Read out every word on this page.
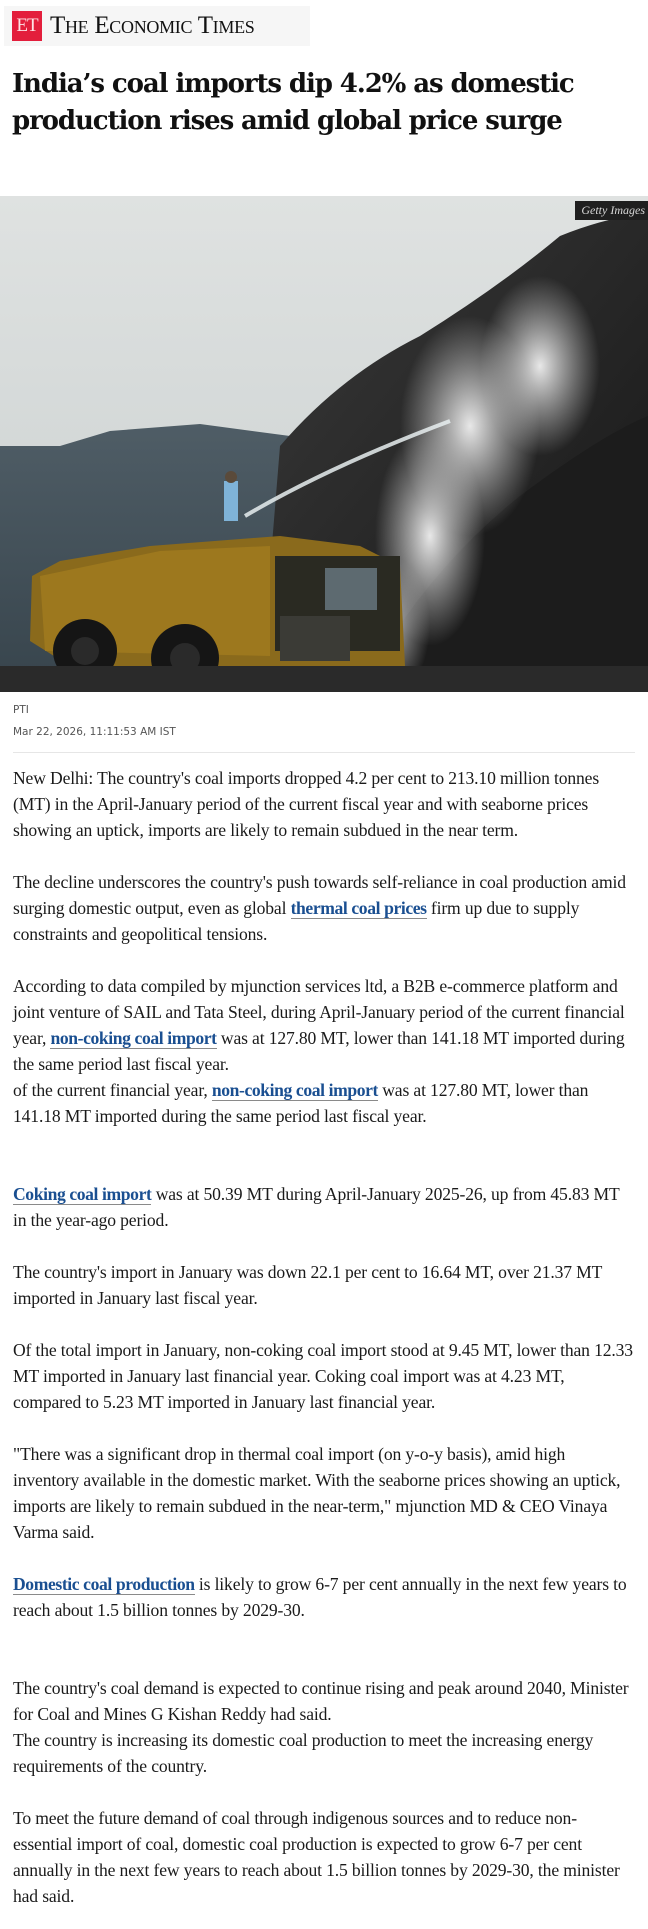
ET The Economic Times
India’s coal imports dip 4.2% as domestic production rises amid global price surge
Getty Images
PTI
Mar 22, 2026, 11:11:53 AM IST

New Delhi: The country's coal imports dropped 4.2 per cent to 213.10 million tonnes (MT) in the April-January period of the current fiscal year and with seaborne prices showing an uptick, imports are likely to remain subdued in the near term.

The decline underscores the country's push towards self-reliance in coal production amid surging domestic output, even as global thermal coal prices firm up due to supply constraints and geopolitical tensions.

According to data compiled by mjunction services ltd, a B2B e-commerce platform and joint venture of SAIL and Tata Steel, during April-January period of the current financial year, non-coking coal import was at 127.80 MT, lower than 141.18 MT imported during the same period last fiscal year.

of the current financial year, non-coking coal import was at 127.80 MT, lower than 141.18 MT imported during the same period last fiscal year.

Coking coal import was at 50.39 MT during April-January 2025-26, up from 45.83 MT in the year-ago period.

The country's import in January was down 22.1 per cent to 16.64 MT, over 21.37 MT imported in January last fiscal year.

Of the total import in January, non-coking coal import stood at 9.45 MT, lower than 12.33 MT imported in January last financial year. Coking coal import was at 4.23 MT, compared to 5.23 MT imported in January last financial year.

"There was a significant drop in thermal coal import (on y-o-y basis), amid high inventory available in the domestic market. With the seaborne prices showing an uptick, imports are likely to remain subdued in the near-term," mjunction MD & CEO Vinaya Varma said.

Domestic coal production is likely to grow 6-7 per cent annually in the next few years to reach about 1.5 billion tonnes by 2029-30.

The country's coal demand is expected to continue rising and peak around 2040, Minister for Coal and Mines G Kishan Reddy had said.

The country is increasing its domestic coal production to meet the increasing energy requirements of the country.

To meet the future demand of coal through indigenous sources and to reduce non-essential import of coal, domestic coal production is expected to grow 6-7 per cent annually in the next few years to reach about 1.5 billion tonnes by 2029-30, the minister had said.
